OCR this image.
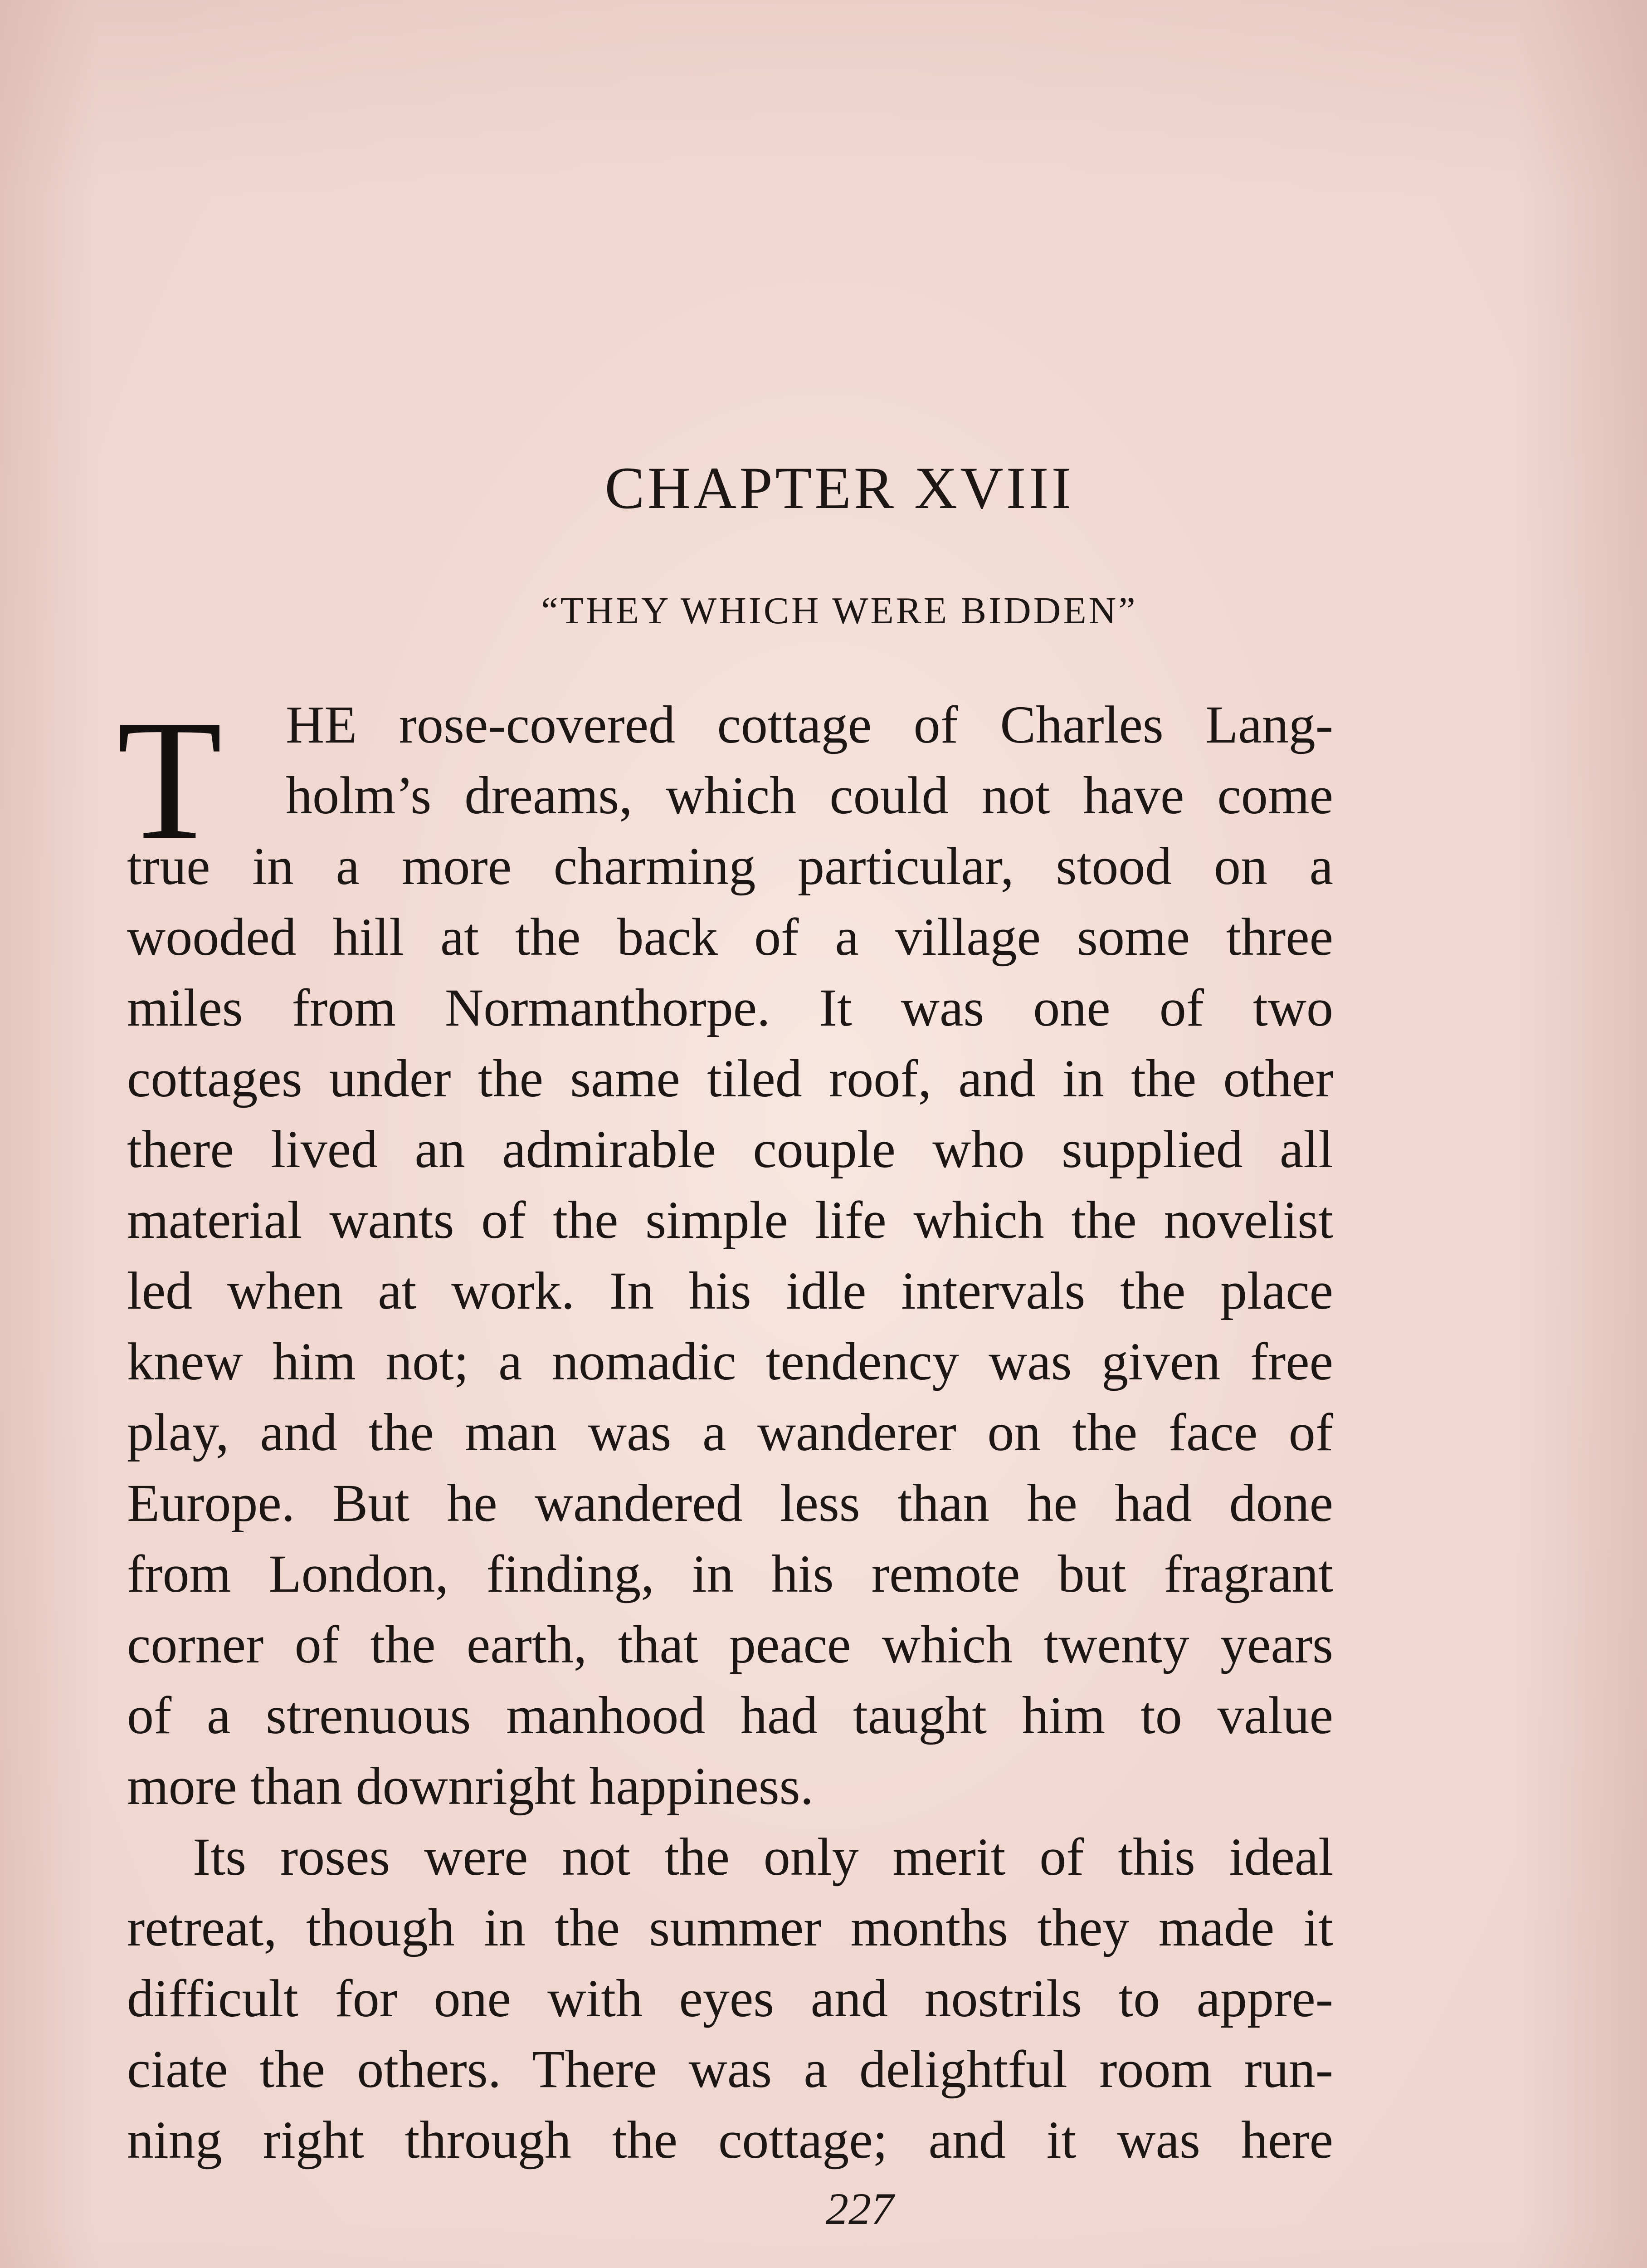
CHAPTER XVIII
“THEY WHICH WERE BIDDEN”
T	HE rose-covered cottage of Charles Lang-
holm’s dreams, which could not have come
true in a more charming particular, stood on a
wooded hill at the back of a village some three
miles from Normanthorpe. It was one of two
cottages under the same tiled roof, and in the other
there lived an admirable couple who supplied all
material wants of the simple life which the novelist
led when at work. In his idle intervals the place
knew him not; a nomadic tendency was given free
play, and the man was a wanderer on the face of
Europe. But he wandered less than he had done
from London, finding, in his remote but fragrant
corner of the earth, that peace which twenty years
of a strenuous manhood had taught him to value
more than downright happiness.
Its roses were not the only merit of this ideal
retreat, though in the summer months they made it
difficult for one with eyes and nostrils to appre-
ciate the others. There was a delightful room run-
ning right through the cottage; and it was here
227
